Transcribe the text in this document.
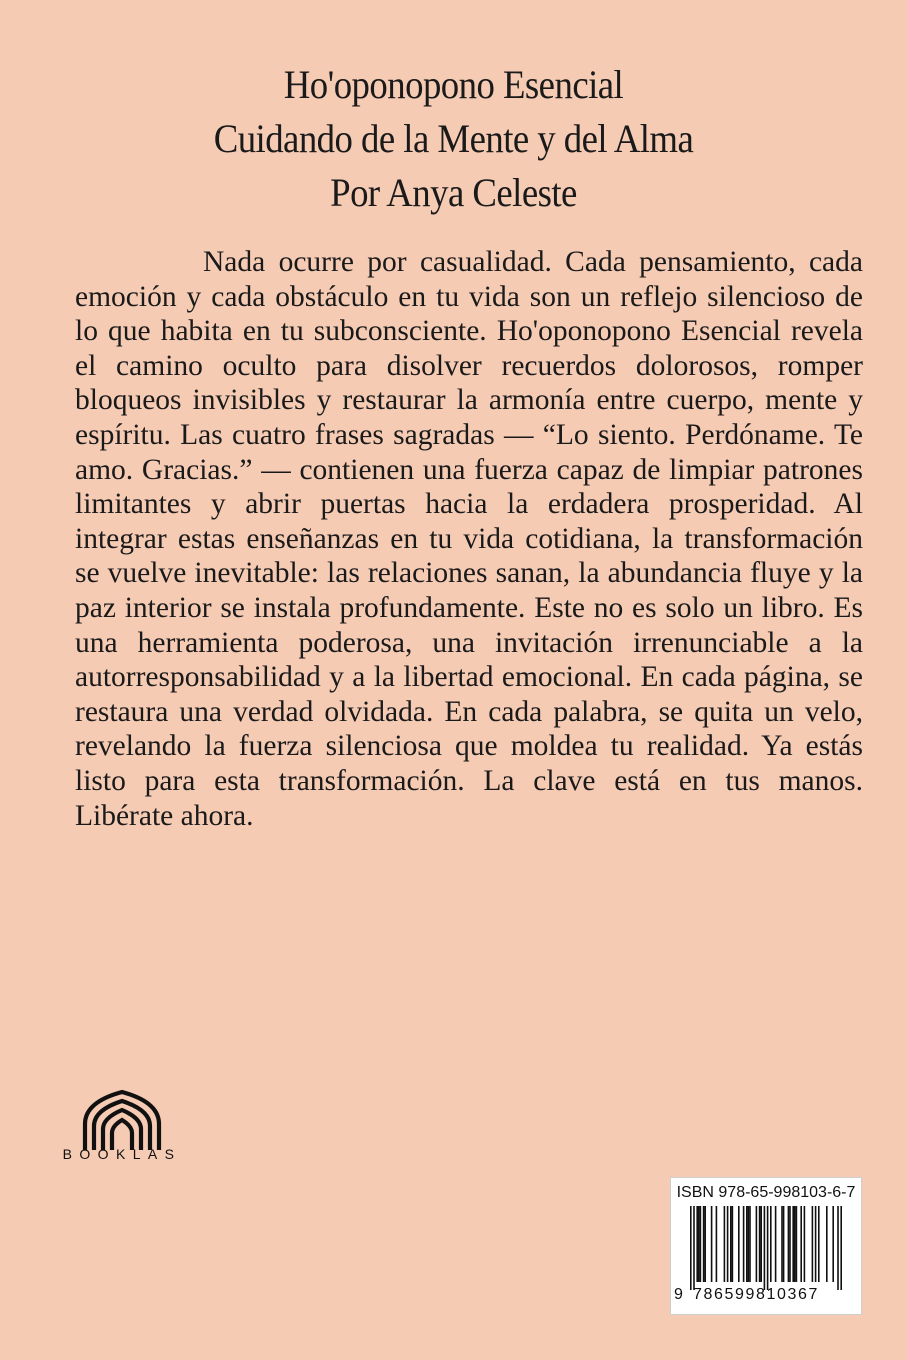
Ho'oponopono Esencial
Cuidando de la Mente y del Alma
Por Anya Celeste

Nada ocurre por casualidad. Cada pensamiento, cada emoción y cada obstáculo en tu vida son un reflejo silencioso de lo que habita en tu subconsciente. Ho'oponopono Esencial revela el camino oculto para disolver recuerdos dolorosos, romper bloqueos invisibles y restaurar la armonía entre cuerpo, mente y espíritu. Las cuatro frases sagradas — “Lo siento. Perdóname. Te amo. Gracias.” — contienen una fuerza capaz de limpiar patrones limitantes y abrir puertas hacia la erdadera prosperidad. Al integrar estas enseñanzas en tu vida cotidiana, la transformación se vuelve inevitable: las relaciones sanan, la abundancia fluye y la paz interior se instala profundamente. Este no es solo un libro. Es una herramienta poderosa, una invitación irrenunciable a la autorresponsabilidad y a la libertad emocional. En cada página, se restaura una verdad olvidada. En cada palabra, se quita un velo, revelando la fuerza silenciosa que moldea tu realidad. Ya estás listo para esta transformación. La clave está en tus manos. Libérate ahora.

BOOKLAS
ISBN 978-65-998103-6-7
9 786599810367
